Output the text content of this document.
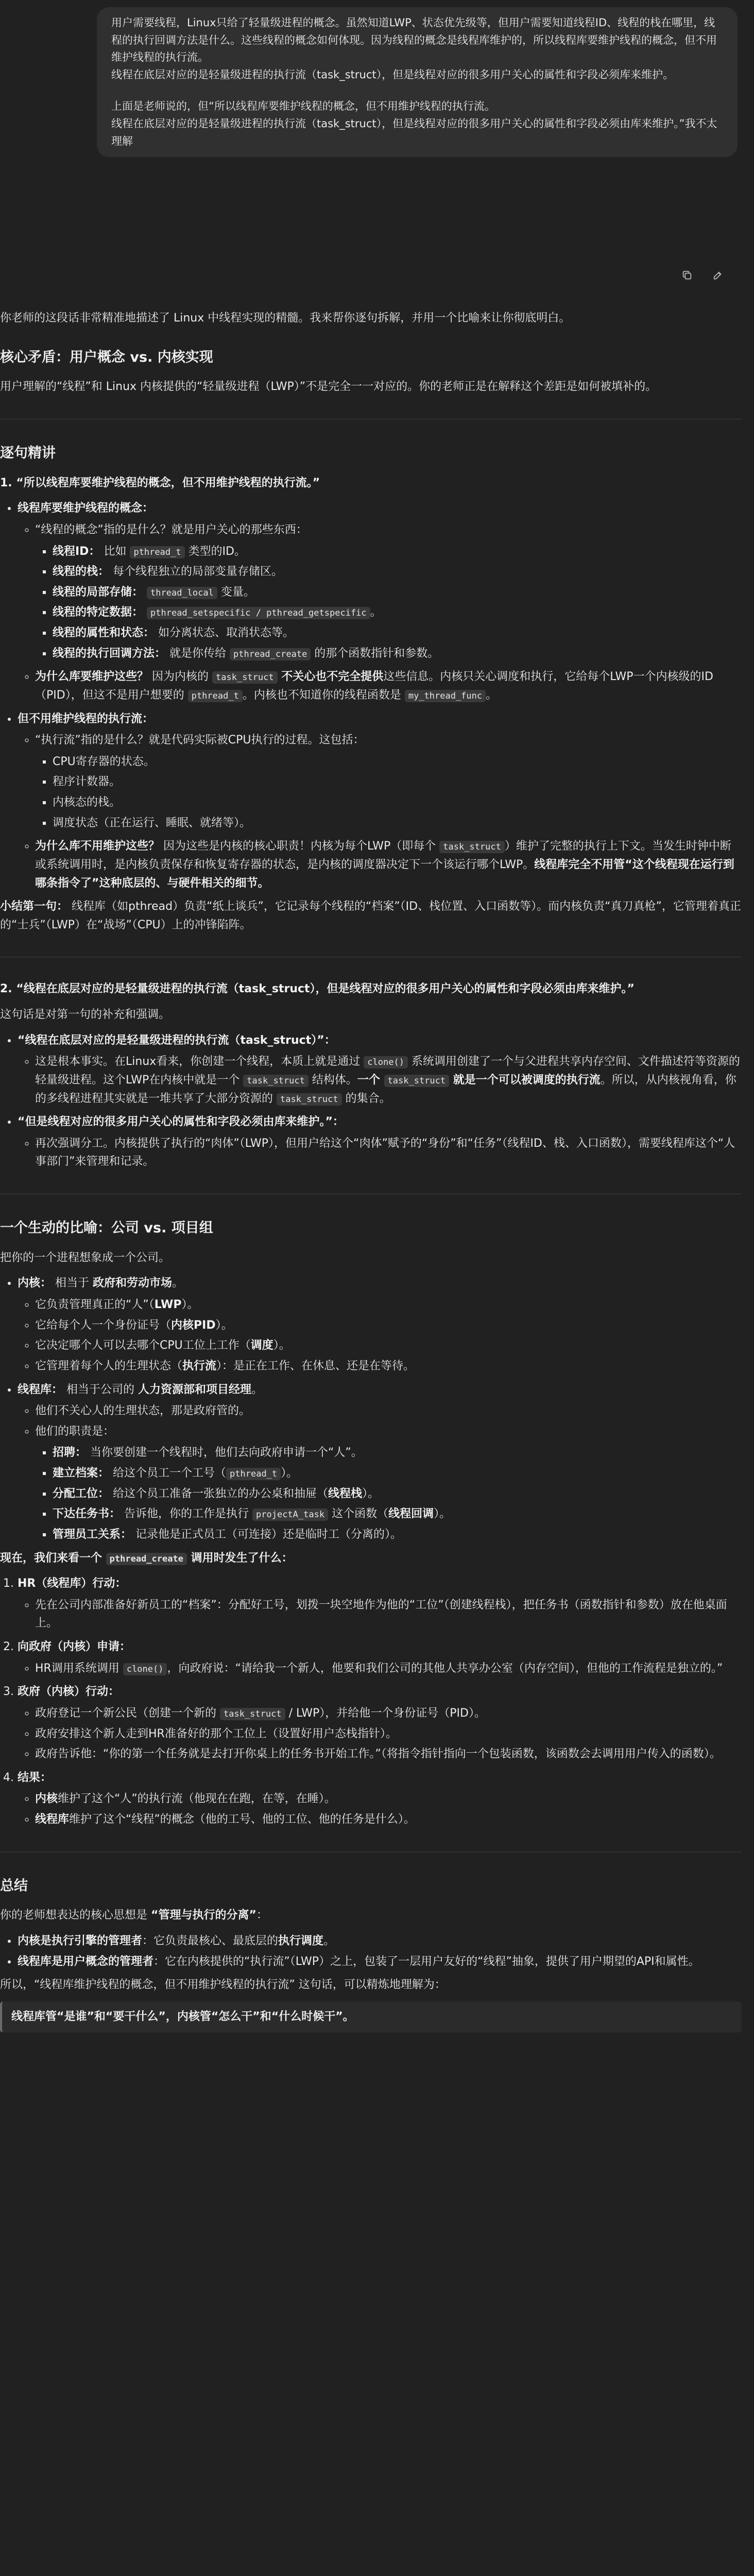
用户需要线程，Linux只给了轻量级进程的概念。虽然知道LWP、状态优先级等，但用户需要知道线程ID、线程的栈在哪里，线程的执行回调方法是什么。这些线程的概念如何体现。因为线程的概念是线程库维护的，所以线程库要维护线程的概念，但不用维护线程的执行流。

线程在底层对应的是轻量级进程的执行流（task_struct），但是线程对应的很多用户关心的属性和字段必须库来维护。

上面是老师说的，但“所以线程库要维护线程的概念，但不用维护线程的执行流。

线程在底层对应的是轻量级进程的执行流（task_struct），但是线程对应的很多用户关心的属性和字段必须由库来维护。”我不太理解

你老师的这段话非常精准地描述了 Linux 中线程实现的精髓。我来帮你逐句拆解，并用一个比喻来让你彻底明白。

核心矛盾：用户概念 vs. 内核实现

用户理解的“线程”和 Linux 内核提供的“轻量级进程（LWP）”不是完全一一对应的。你的老师正是在解释这个差距是如何被填补的。

逐句精讲

1. “所以线程库要维护线程的概念，但不用维护线程的执行流。”

• 线程库要维护线程的概念：
◦ “线程的概念”指的是什么？就是用户关心的那些东西：
▪ 线程ID： 比如 pthread_t 类型的ID。
▪ 线程的栈： 每个线程独立的局部变量存储区。
▪ 线程的局部存储： thread_local 变量。
▪ 线程的特定数据： pthread_setspecific / pthread_getspecific 。
▪ 线程的属性和状态： 如分离状态、取消状态等。
▪ 线程的执行回调方法： 就是你传给 pthread_create 的那个函数指针和参数。
◦ 为什么库要维护这些？ 因为内核的 task_struct 不关心也不完全提供这些信息。内核只关心调度和执行，它给每个LWP一个内核级的ID（PID），但这不是用户想要的 pthread_t 。内核也不知道你的线程函数是 my_thread_func 。
• 但不用维护线程的执行流：
◦ “执行流”指的是什么？就是代码实际被CPU执行的过程。这包括：
▪ CPU寄存器的状态。
▪ 程序计数器。
▪ 内核态的栈。
▪ 调度状态（正在运行、睡眠、就绪等）。
◦ 为什么库不用维护这些？ 因为这些是内核的核心职责！内核为每个LWP（即每个 task_struct ）维护了完整的执行上下文。当发生时钟中断或系统调用时，是内核负责保存和恢复寄存器的状态，是内核的调度器决定下一个该运行哪个LWP。线程库完全不用管“这个线程现在运行到哪条指令了”这种底层的、与硬件相关的细节。

小结第一句： 线程库（如pthread）负责“纸上谈兵”，它记录每个线程的“档案”（ID、栈位置、入口函数等）。而内核负责“真刀真枪”，它管理着真正的“士兵”（LWP）在“战场”（CPU）上的冲锋陷阵。

2. “线程在底层对应的是轻量级进程的执行流（task_struct），但是线程对应的很多用户关心的属性和字段必须由库来维护。”

这句话是对第一句的补充和强调。

• “线程在底层对应的是轻量级进程的执行流（task_struct）”：
◦ 这是根本事实。在Linux看来，你创建一个线程，本质上就是通过 clone() 系统调用创建了一个与父进程共享内存空间、文件描述符等资源的轻量级进程。这个LWP在内核中就是一个 task_struct 结构体。一个 task_struct 就是一个可以被调度的执行流。所以，从内核视角看，你的多线程进程其实就是一堆共享了大部分资源的 task_struct 的集合。
• “但是线程对应的很多用户关心的属性和字段必须由库来维护。”：
◦ 再次强调分工。内核提供了执行的“肉体”（LWP），但用户给这个“肉体”赋予的“身份”和“任务”（线程ID、栈、入口函数），需要线程库这个“人事部门”来管理和记录。
一个生动的比喻：公司 vs. 项目组

把你的一个进程想象成一个公司。

• 内核： 相当于 政府和劳动市场。
◦ 它负责管理真正的“人”（LWP）。
◦ 它给每个人一个身份证号（内核PID）。
◦ 它决定哪个人可以去哪个CPU工位上工作（调度）。
◦ 它管理着每个人的生理状态（执行流）：是正在工作、在休息、还是在等待。
• 线程库： 相当于公司的 人力资源部和项目经理。
◦ 他们不关心人的生理状态，那是政府管的。
◦ 他们的职责是：
▪ 招聘： 当你要创建一个线程时，他们去向政府申请一个“人”。
▪ 建立档案： 给这个员工一个工号（ pthread_t ）。
▪ 分配工位： 给这个员工准备一张独立的办公桌和抽屉（线程栈）。
▪ 下达任务书： 告诉他，你的工作是执行 projectA_task 这个函数（线程回调）。
▪ 管理员工关系： 记录他是正式员工（可连接）还是临时工（分离的）。

现在，我们来看一个 pthread_create 调用时发生了什么：

1. HR（线程库）行动：
◦ 先在公司内部准备好新员工的“档案”：分配好工号，划拨一块空地作为他的“工位”（创建线程栈），把任务书（函数指针和参数）放在他桌面上。
2. 向政府（内核）申请：
◦ HR调用系统调用 clone() ，向政府说：“请给我一个新人，他要和我们公司的其他人共享办公室（内存空间），但他的工作流程是独立的。”
3. 政府（内核）行动：
◦ 政府登记一个新公民（创建一个新的 task_struct / LWP），并给他一个身份证号（PID）。
◦ 政府安排这个新人走到HR准备好的那个工位上（设置好用户态栈指针）。
◦ 政府告诉他：“你的第一个任务就是去打开你桌上的任务书开始工作。”（将指令指针指向一个包装函数，该函数会去调用用户传入的函数）。
4. 结果：
◦ 内核维护了这个“人”的执行流（他现在在跑，在等，在睡）。
◦ 线程库维护了这个“线程”的概念（他的工号、他的工位、他的任务是什么）。
总结

你的老师想表达的核心思想是 “管理与执行的分离”：

• 内核是执行引擎的管理者：它负责最核心、最底层的执行调度。
• 线程库是用户概念的管理者：它在内核提供的“执行流”（LWP）之上，包装了一层用户友好的“线程”抽象，提供了用户期望的API和属性。

所以，“线程库维护线程的概念，但不用维护线程的执行流” 这句话，可以精炼地理解为：

线程库管“是谁”和“要干什么”，内核管“怎么干”和“什么时候干”。
